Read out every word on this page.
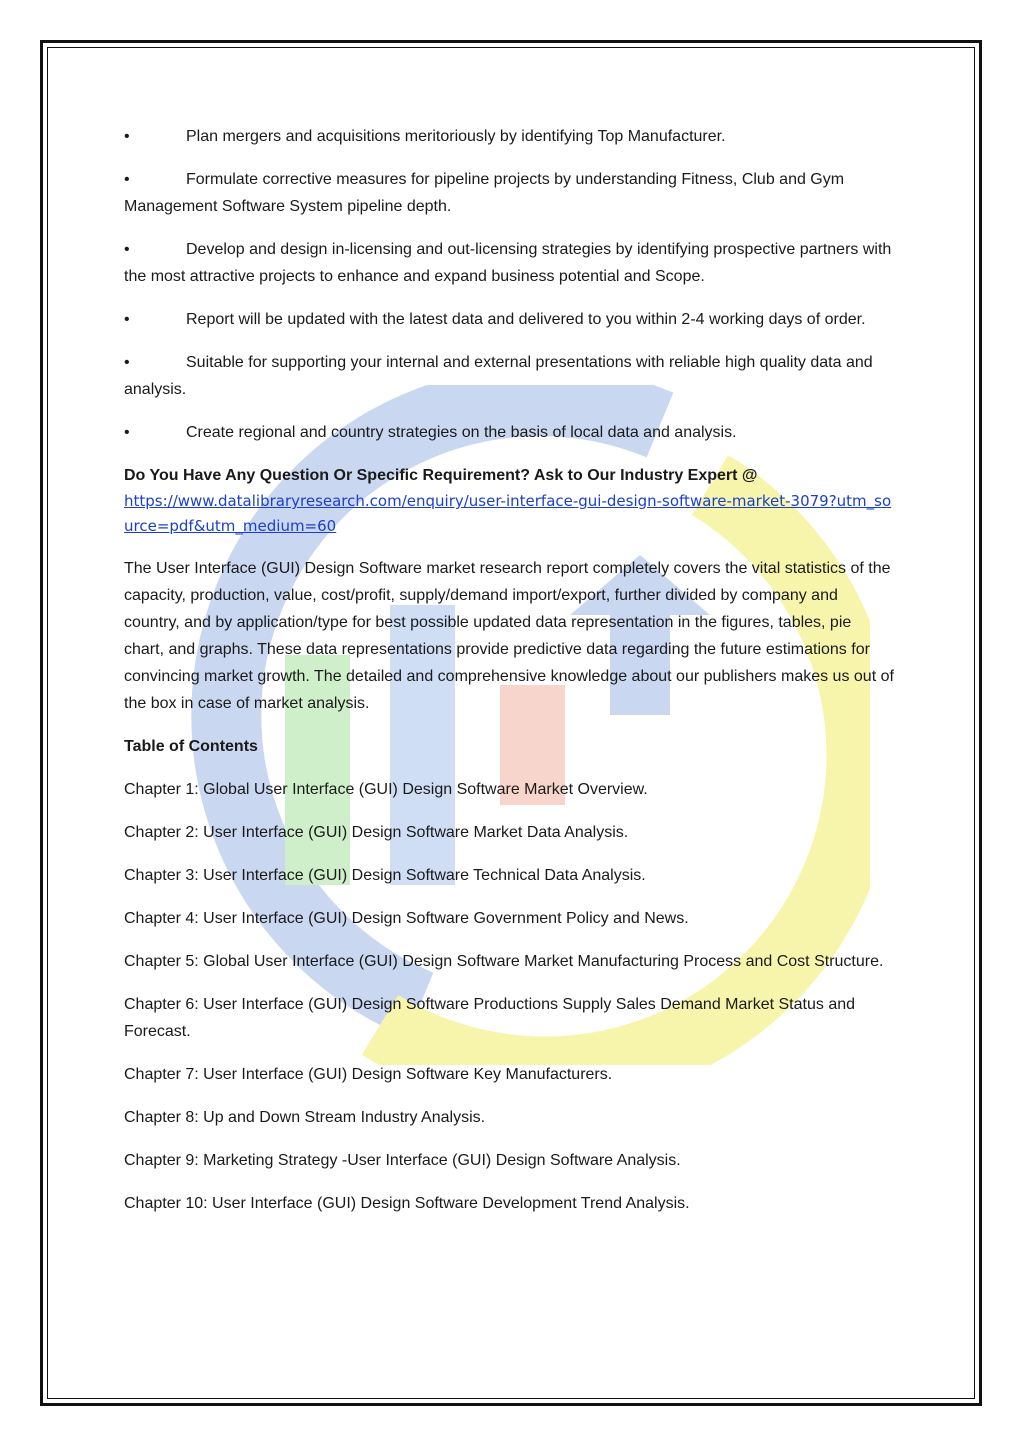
•	Plan mergers and acquisitions meritoriously by identifying Top Manufacturer.
•	Formulate corrective measures for pipeline projects by understanding Fitness, Club and Gym Management Software System pipeline depth.
•	Develop and design in-licensing and out-licensing strategies by identifying prospective partners with the most attractive projects to enhance and expand business potential and Scope.
•	Report will be updated with the latest data and delivered to you within 2-4 working days of order.
•	Suitable for supporting your internal and external presentations with reliable high quality data and analysis.
•	Create regional and country strategies on the basis of local data and analysis.

Do You Have Any Question Or Specific Requirement? Ask to Our Industry Expert @

https://www.datalibraryresearch.com/enquiry/user-interface-gui-design-software-market-3079?utm_source=pdf&utm_medium=60

The User Interface (GUI) Design Software market research report completely covers the vital statistics of the capacity, production, value, cost/profit, supply/demand import/export, further divided by company and country, and by application/type for best possible updated data representation in the figures, tables, pie chart, and graphs. These data representations provide predictive data regarding the future estimations for convincing market growth. The detailed and comprehensive knowledge about our publishers makes us out of the box in case of market analysis.

Table of Contents

Chapter 1: Global User Interface (GUI) Design Software Market Overview.

Chapter 2: User Interface (GUI) Design Software Market Data Analysis.

Chapter 3: User Interface (GUI) Design Software Technical Data Analysis.

Chapter 4: User Interface (GUI) Design Software Government Policy and News.

Chapter 5: Global User Interface (GUI) Design Software Market Manufacturing Process and Cost Structure.

Chapter 6: User Interface (GUI) Design Software Productions Supply Sales Demand Market Status and Forecast.

Chapter 7: User Interface (GUI) Design Software Key Manufacturers.

Chapter 8: Up and Down Stream Industry Analysis.

Chapter 9: Marketing Strategy -User Interface (GUI) Design Software Analysis.

Chapter 10: User Interface (GUI) Design Software Development Trend Analysis.
